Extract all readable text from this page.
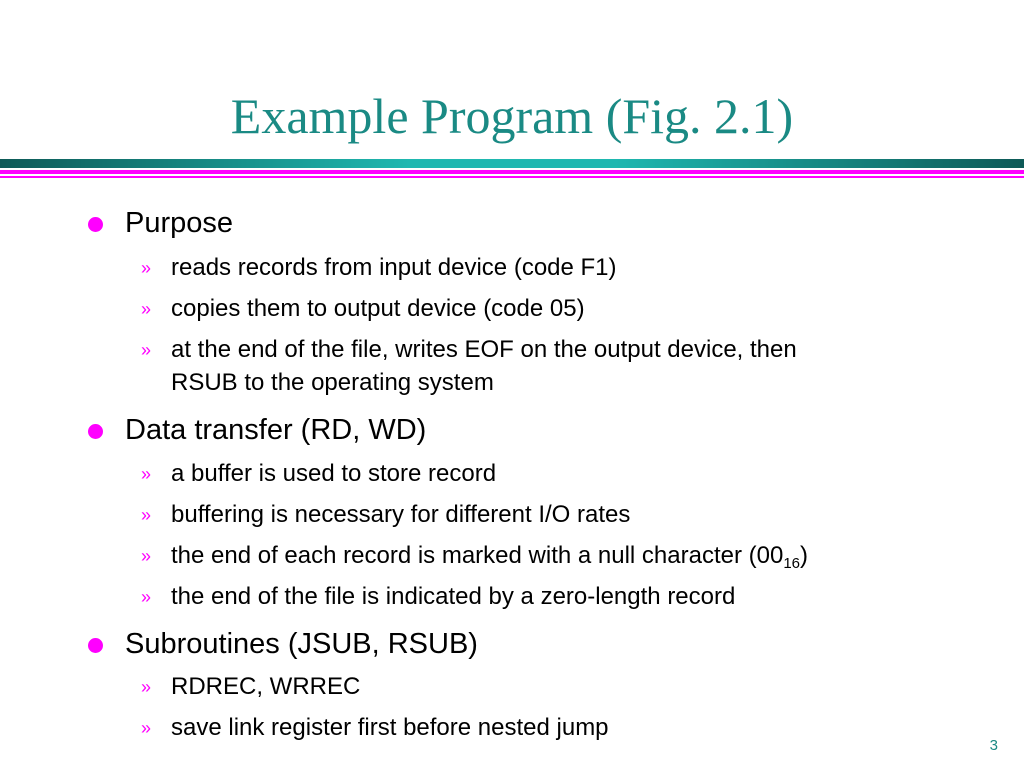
Example Program (Fig. 2.1)
Purpose
» reads records from input device (code F1)
» copies them to output device (code 05)
» at the end of the file, writes EOF on the output device, then
RSUB to the operating system
Data transfer (RD, WD)
» a buffer is used to store record
» buffering is necessary for different I/O rates
» the end of each record is marked with a null character $(00_{16})$
» the end of the file is indicated by a zero-length record
Subroutines (JSUB, RSUB)
» RDREC, WRREC
» save link register first before nested jump
3
